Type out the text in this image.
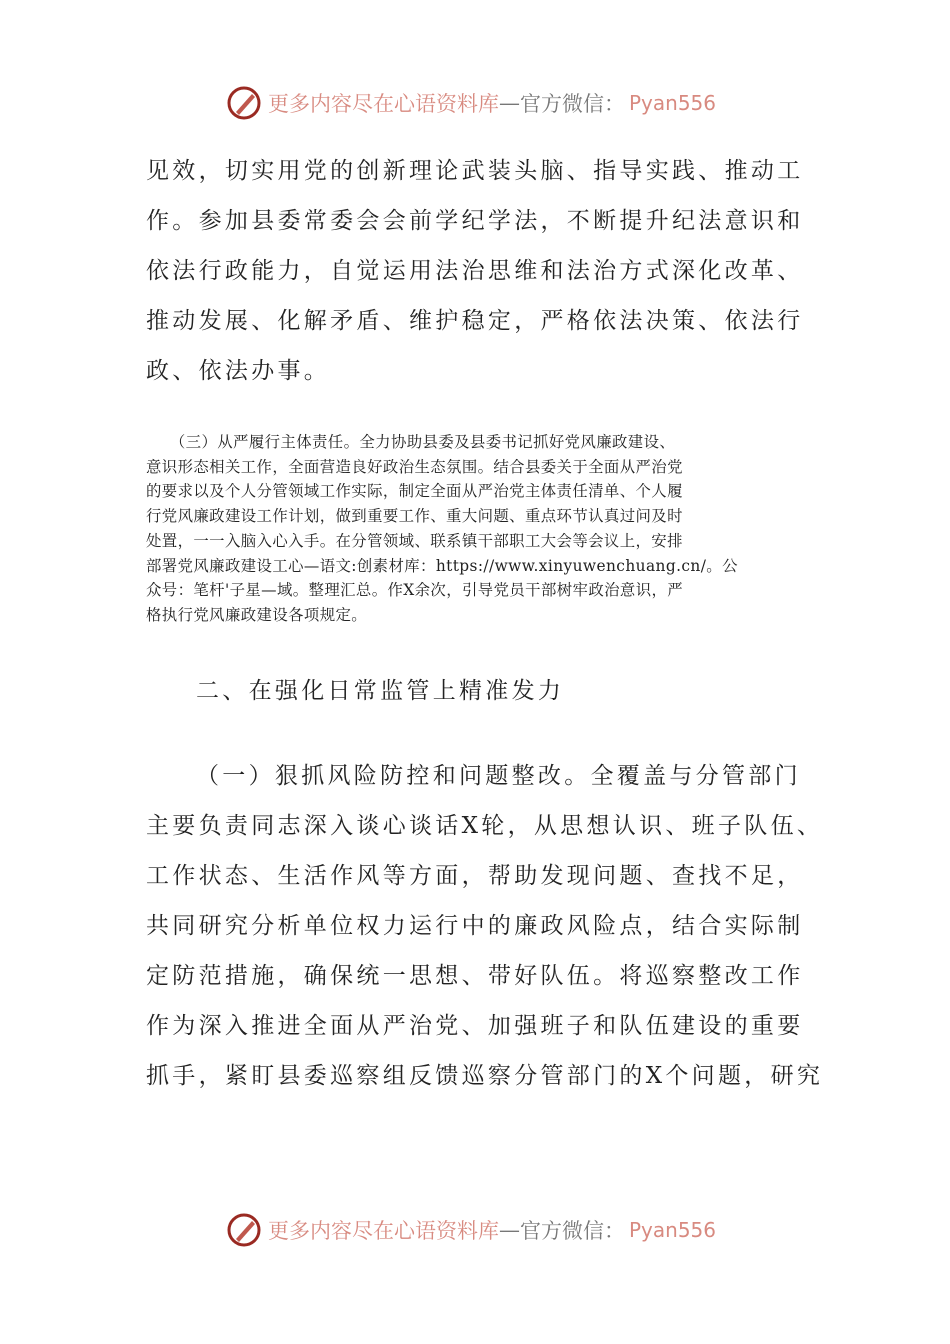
更多内容尽在心语资料库 — 官方微信： Pyan556
见效，切实用党的创新理论武装头脑、指导实践、推动工
作。参加县委常委会会前学纪学法，不断提升纪法意识和
依法行政能力，自觉运用法治思维和法治方式深化改革、
推动发展、化解矛盾、维护稳定，严格依法决策、依法行
政、依法办事。
　　（三）从严履行主体责任。全力协助县委及县委书记抓好党风廉政建设、
意识形态相关工作，全面营造良好政治生态氛围。结合县委关于全面从严治党
的要求以及个人分管领域工作实际，制定全面从严治党主体责任清单、个人履
行党风廉政建设工作计划，做到重要工作、重大问题、重点环节认真过问及时
处置，一一入脑入心入手。在分管领域、联系镇干部职工大会等会议上，安排
部署党风廉政建设工心—语文:创素材库：https://www.xinyuwenchuang.cn/。公
众号：笔杆'子星—域。整理汇总。作X余次，引导党员干部树牢政治意识，严
格执行党风廉政建设各项规定。
二、在强化日常监管上精准发力
（一）狠抓风险防控和问题整改。全覆盖与分管部门
主要负责同志深入谈心谈话X轮，从思想认识、班子队伍、
工作状态、生活作风等方面，帮助发现问题、查找不足，
共同研究分析单位权力运行中的廉政风险点，结合实际制
定防范措施，确保统一思想、带好队伍。将巡察整改工作
作为深入推进全面从严治党、加强班子和队伍建设的重要
抓手，紧盯县委巡察组反馈巡察分管部门的X个问题，研究
更多内容尽在心语资料库 — 官方微信： Pyan556
